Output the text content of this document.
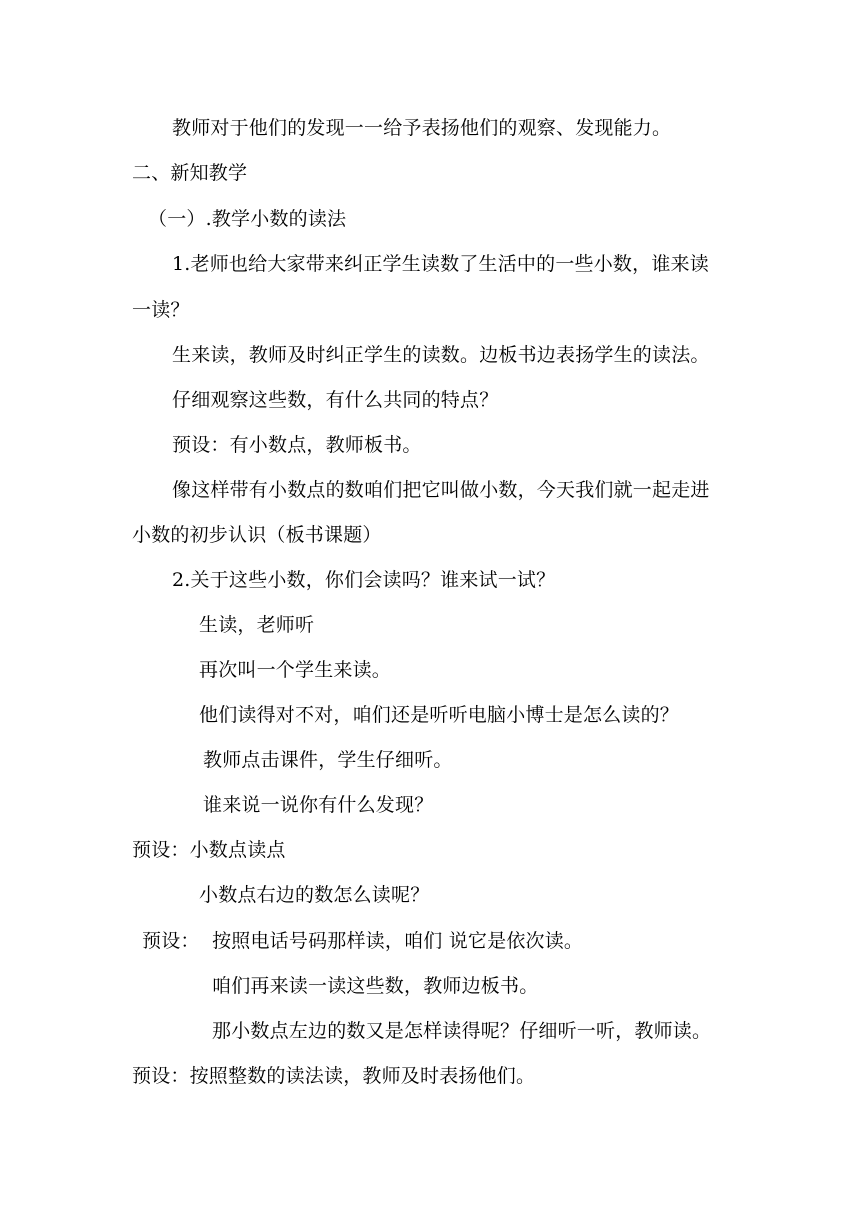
教师对于他们的发现一一给予表扬他们的观察、发现能力。
二、新知教学
（一）.教学小数的读法
1.老师也给大家带来纠正学生读数了生活中的一些小数，谁来读
一读？
生来读，教师及时纠正学生的读数。边板书边表扬学生的读法。
仔细观察这些数，有什么共同的特点？
预设：有小数点，教师板书。
像这样带有小数点的数咱们把它叫做小数，今天我们就一起走进
小数的初步认识（板书课题）
2.关于这些小数，你们会读吗？谁来试一试？
生读，老师听
再次叫一个学生来读。
他们读得对不对，咱们还是听听电脑小博士是怎么读的？
教师点击课件，学生仔细听。
谁来说一说你有什么发现？
预设：小数点读点
小数点右边的数怎么读呢？
预设：  按照电话号码那样读，咱们 说它是依次读。
咱们再来读一读这些数，教师边板书。
那小数点左边的数又是怎样读得呢？仔细听一听，教师读。
预设：按照整数的读法读，教师及时表扬他们。
